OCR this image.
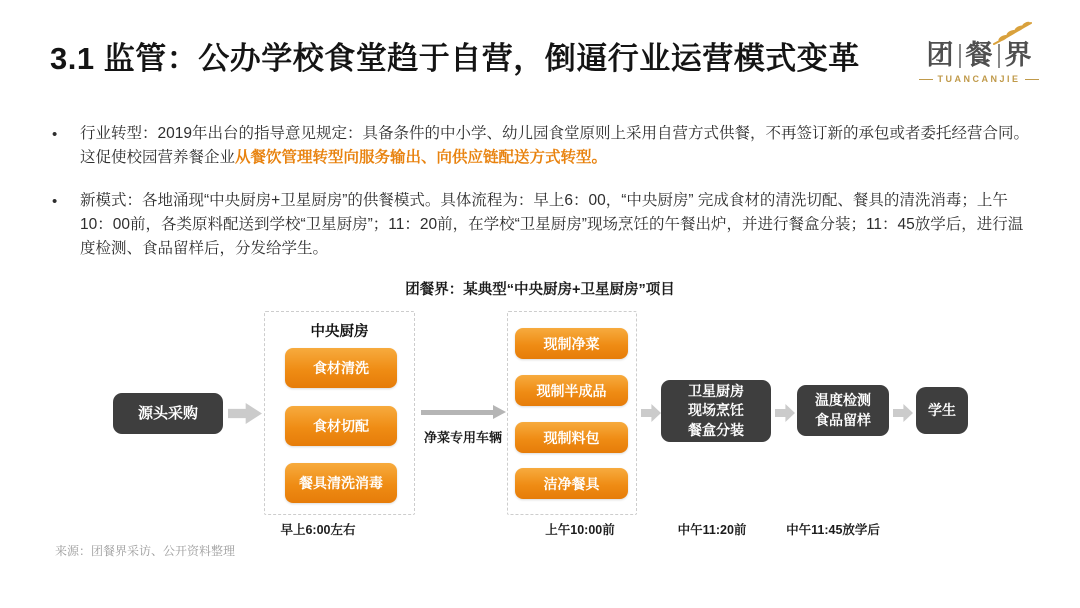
3.1 监管：公办学校食堂趋于自营，倒逼行业运营模式变革	团 餐 界
TUANCANJIE
•	行业转型：2019年出台的指导意见规定：具备条件的中小学、幼儿园食堂原则上采用自营方式供餐，不再签订新的承包或者委托经营合同。这促使校园营养餐企业从餐饮管理转型向服务输出、向供应链配送方式转型。
•	新模式：各地涌现“中央厨房+卫星厨房”的供餐模式。具体流程为：早上6：00，“中央厨房” 完成食材的清洗切配、餐具的清洗消毒；上午10：00前，各类原料配送到学校“卫星厨房”；11：20前，在学校“卫星厨房”现场烹饪的午餐出炉，并进行餐盒分装；11：45放学后，进行温度检测、食品留样后，分发给学生。
团餐界：某典型“中央厨房+卫星厨房”项目
源头采购
中央厨房
食材清洗
食材切配
餐具清洗消毒
早上6:00左右
净菜专用车辆
现制净菜
现制半成品
现制料包
洁净餐具
上午10:00前
卫星厨房
现场烹饪
餐盒分装
中午11:20前
温度检测
食品留样
中午11:45放学后
学生
来源：团餐界采访、公开资料整理
